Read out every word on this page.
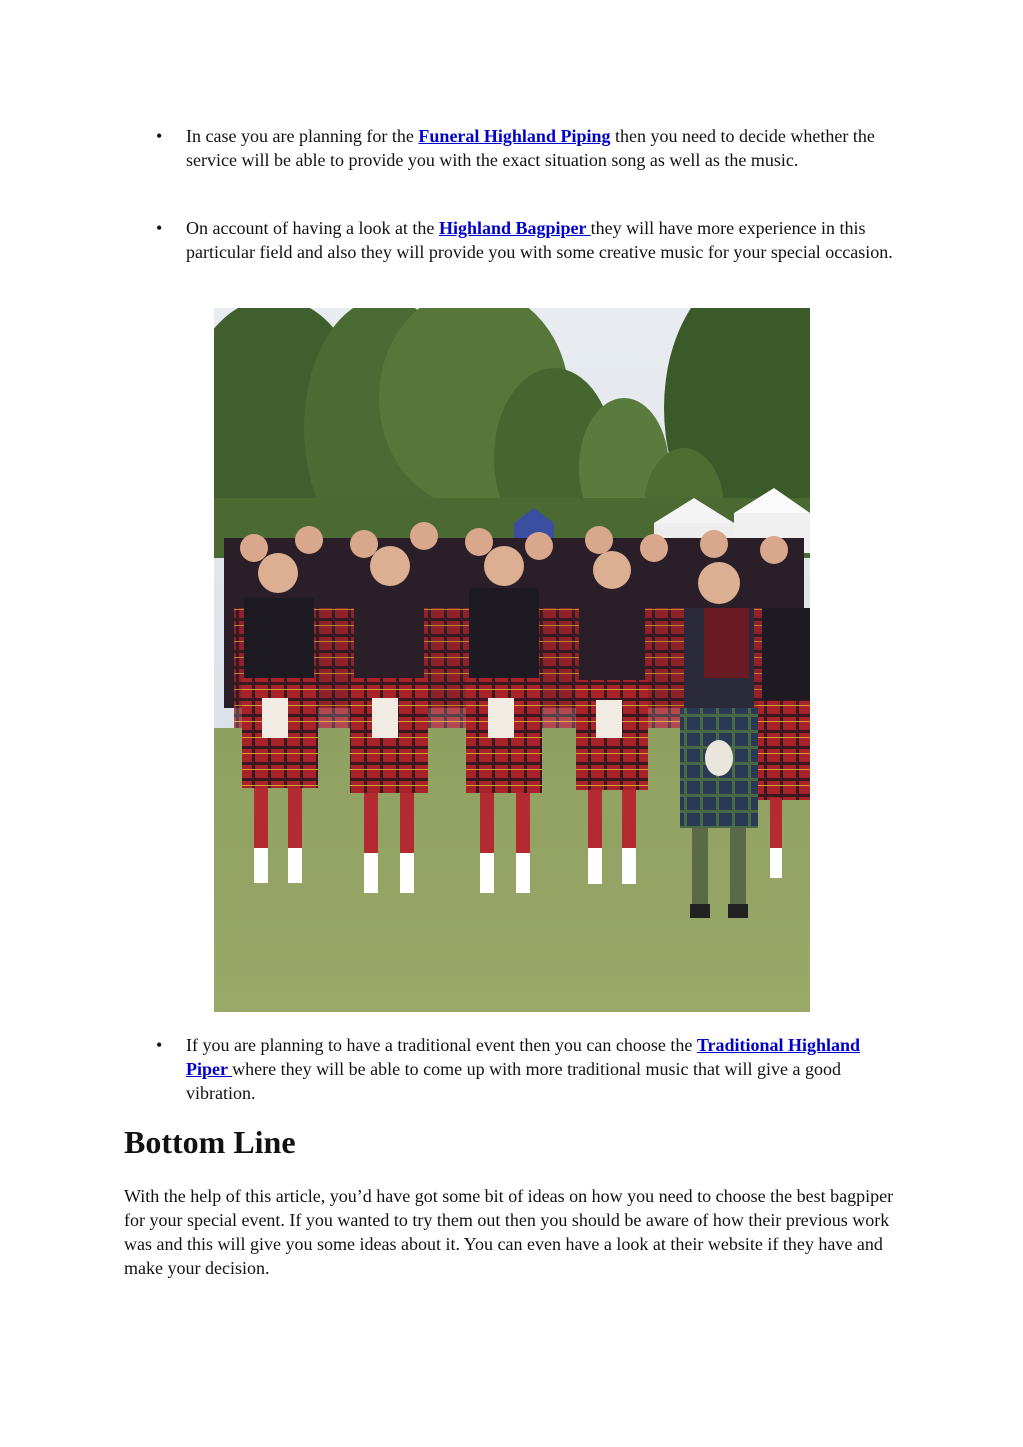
• In case you are planning for the Funeral Highland Piping then you need to decide whether the service will be able to provide you with the exact situation song as well as the music.
• On account of having a look at the Highland Bagpiper they will have more experience in this particular field and also they will provide you with some creative music for your special occasion.
• If you are planning to have a traditional event then you can choose the Traditional Highland Piper where they will be able to come up with more traditional music that will give a good vibration.
Bottom Line

With the help of this article, you’d have got some bit of ideas on how you need to choose the best bagpiper for your special event. If you wanted to try them out then you should be aware of how their previous work was and this will give you some ideas about it. You can even have a look at their website if they have and make your decision.
